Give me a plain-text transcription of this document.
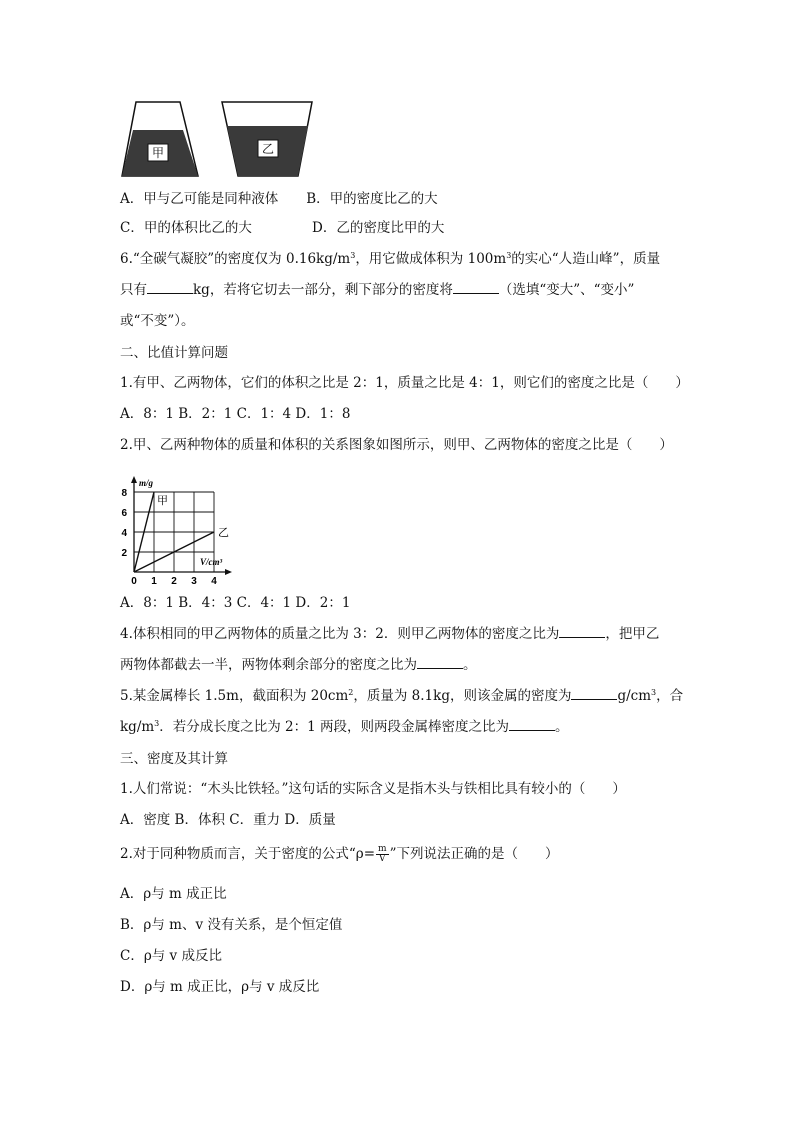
甲	乙
A．甲与乙可能是同种液体 B．甲的密度比乙的大
C．甲的体积比乙的大	D．乙的密度比甲的大
6.“全碳气凝胶”的密度仅为 $0.16kg/m^3$，用它做成体积为 $100m^3$的实心“人造山峰”，质量
只有	kg，若将它切去一部分，剩下部分的密度将	（选填“变大”、“变小”
或“不变”）。
二、比值计算问题
1.有甲、乙两物体，它们的体积之比是 2：1，质量之比是 4：1，则它们的密度之比是（　　）
A．8：1 B．2：1 C．1：4 D．1：8
2.甲、乙两种物体的质量和体积的关系图象如图所示，则甲、乙两物体的密度之比是（　　）
0 1 2 3 4
2
4
6
8
m/g
V/cm³
甲
乙
A．8：1 B．4：3 C．4：1 D．2：1
4.体积相同的甲乙两物体的质量之比为 3：2．则甲乙两物体的密度之比为	，把甲乙
两物体都截去一半，两物体剩余部分的密度之比为	。
5.某金属棒长 1.5m，截面积为 $20cm^2$，质量为 8.1kg，则该金属的密度为	$g/cm^3$，合
$kg/m^3$．若分成长度之比为 2：1 两段，则两段金属棒密度之比为	。
三、密度及其计算
1.人们常说：“木头比铁轻。”这句话的实际含义是指木头与铁相比具有较小的（　　）
A．密度 B．体积 C．重力 D．质量
2.对于同种物质而言，关于密度的公式“$\rho= \frac{m}{V}$ ”下列说法正确的是（　　）
A．ρ与 m 成正比
B．ρ与 m、v 没有关系，是个恒定值
C．ρ与 v 成反比
D．ρ与 m 成正比，ρ与 v 成反比
